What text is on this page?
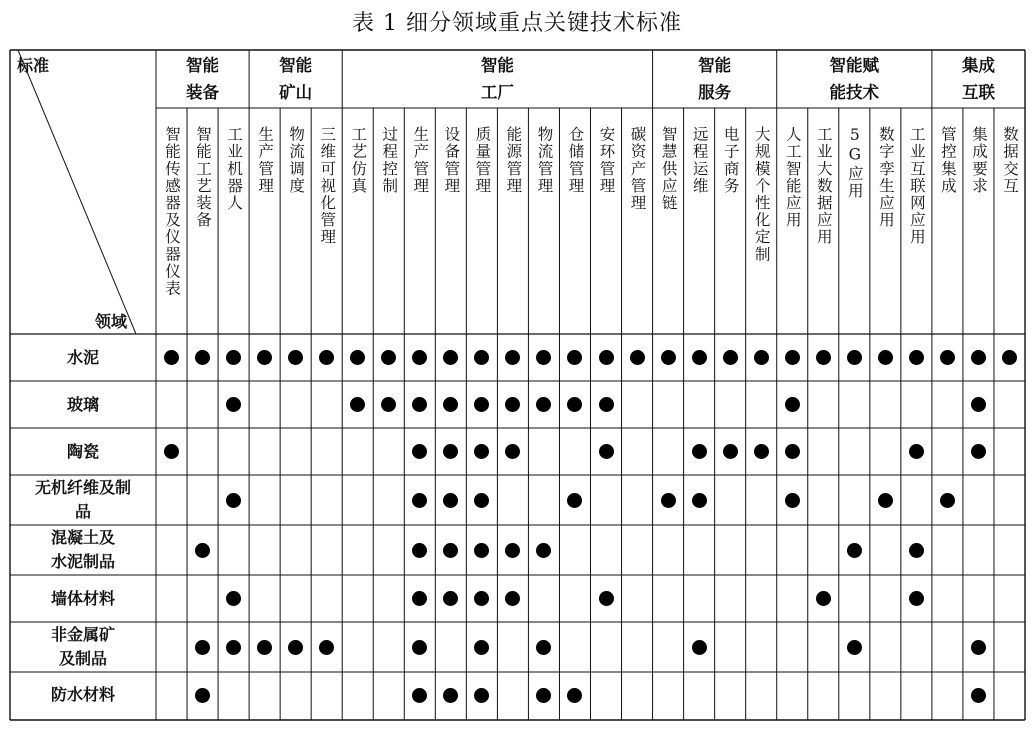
表 1 细分领域重点关键技术标准
标准
领域
智能
装备
智能
矿山
智能
工厂
智能
服务
智能赋
能技术
集成
互联
智能传感器及仪器仪表 智能工艺装备 工业机器人 生产管理 物流调度 三维可视化管理 工艺仿真 过程控制 生产管理 设备管理 质量管理 能源管理 物流管理 仓储管理 安环管理 碳资产管理 智慧供应链 远程运维 电子商务 大规模个性化定制 人工智能应用 工业大数据应用 5G应用 数字孪生应用 工业互联网应用 管控集成 集成要求 数据交互
水泥
玻璃
陶瓷
无机纤维及制
品
混凝土及
水泥制品
墙体材料
非金属矿
及制品
防水材料
